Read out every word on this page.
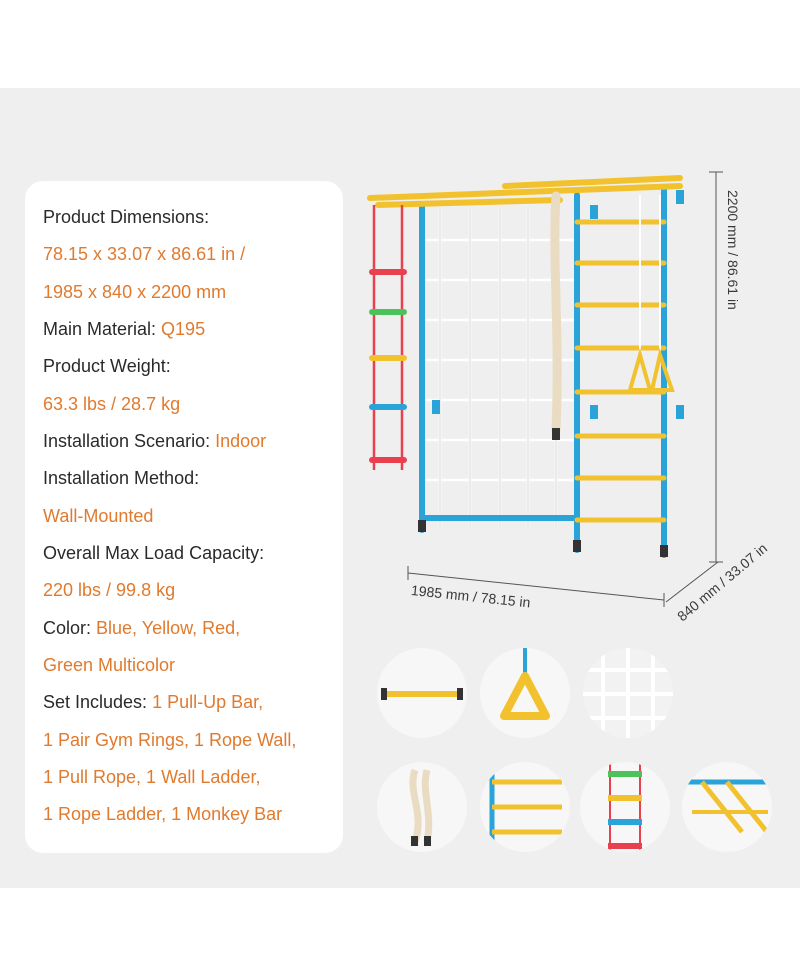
Product Dimensions:
78.15 x 33.07 x 86.61 in /
1985 x 840 x 2200 mm
Main Material: Q195
Product Weight:
63.3 lbs / 28.7 kg
Installation Scenario: Indoor
Installation Method:
Wall-Mounted
Overall Max Load Capacity:
220 lbs / 99.8 kg
Color: Blue, Yellow, Red,
Green Multicolor
Set Includes: 1 Pull-Up Bar,
1 Pair Gym Rings, 1 Rope Wall,
1 Pull Rope, 1 Wall Ladder,
1 Rope Ladder, 1 Monkey Bar
2200 mm / 86.61 in
1985 mm / 78.15 in	840 mm / 33.07 in
